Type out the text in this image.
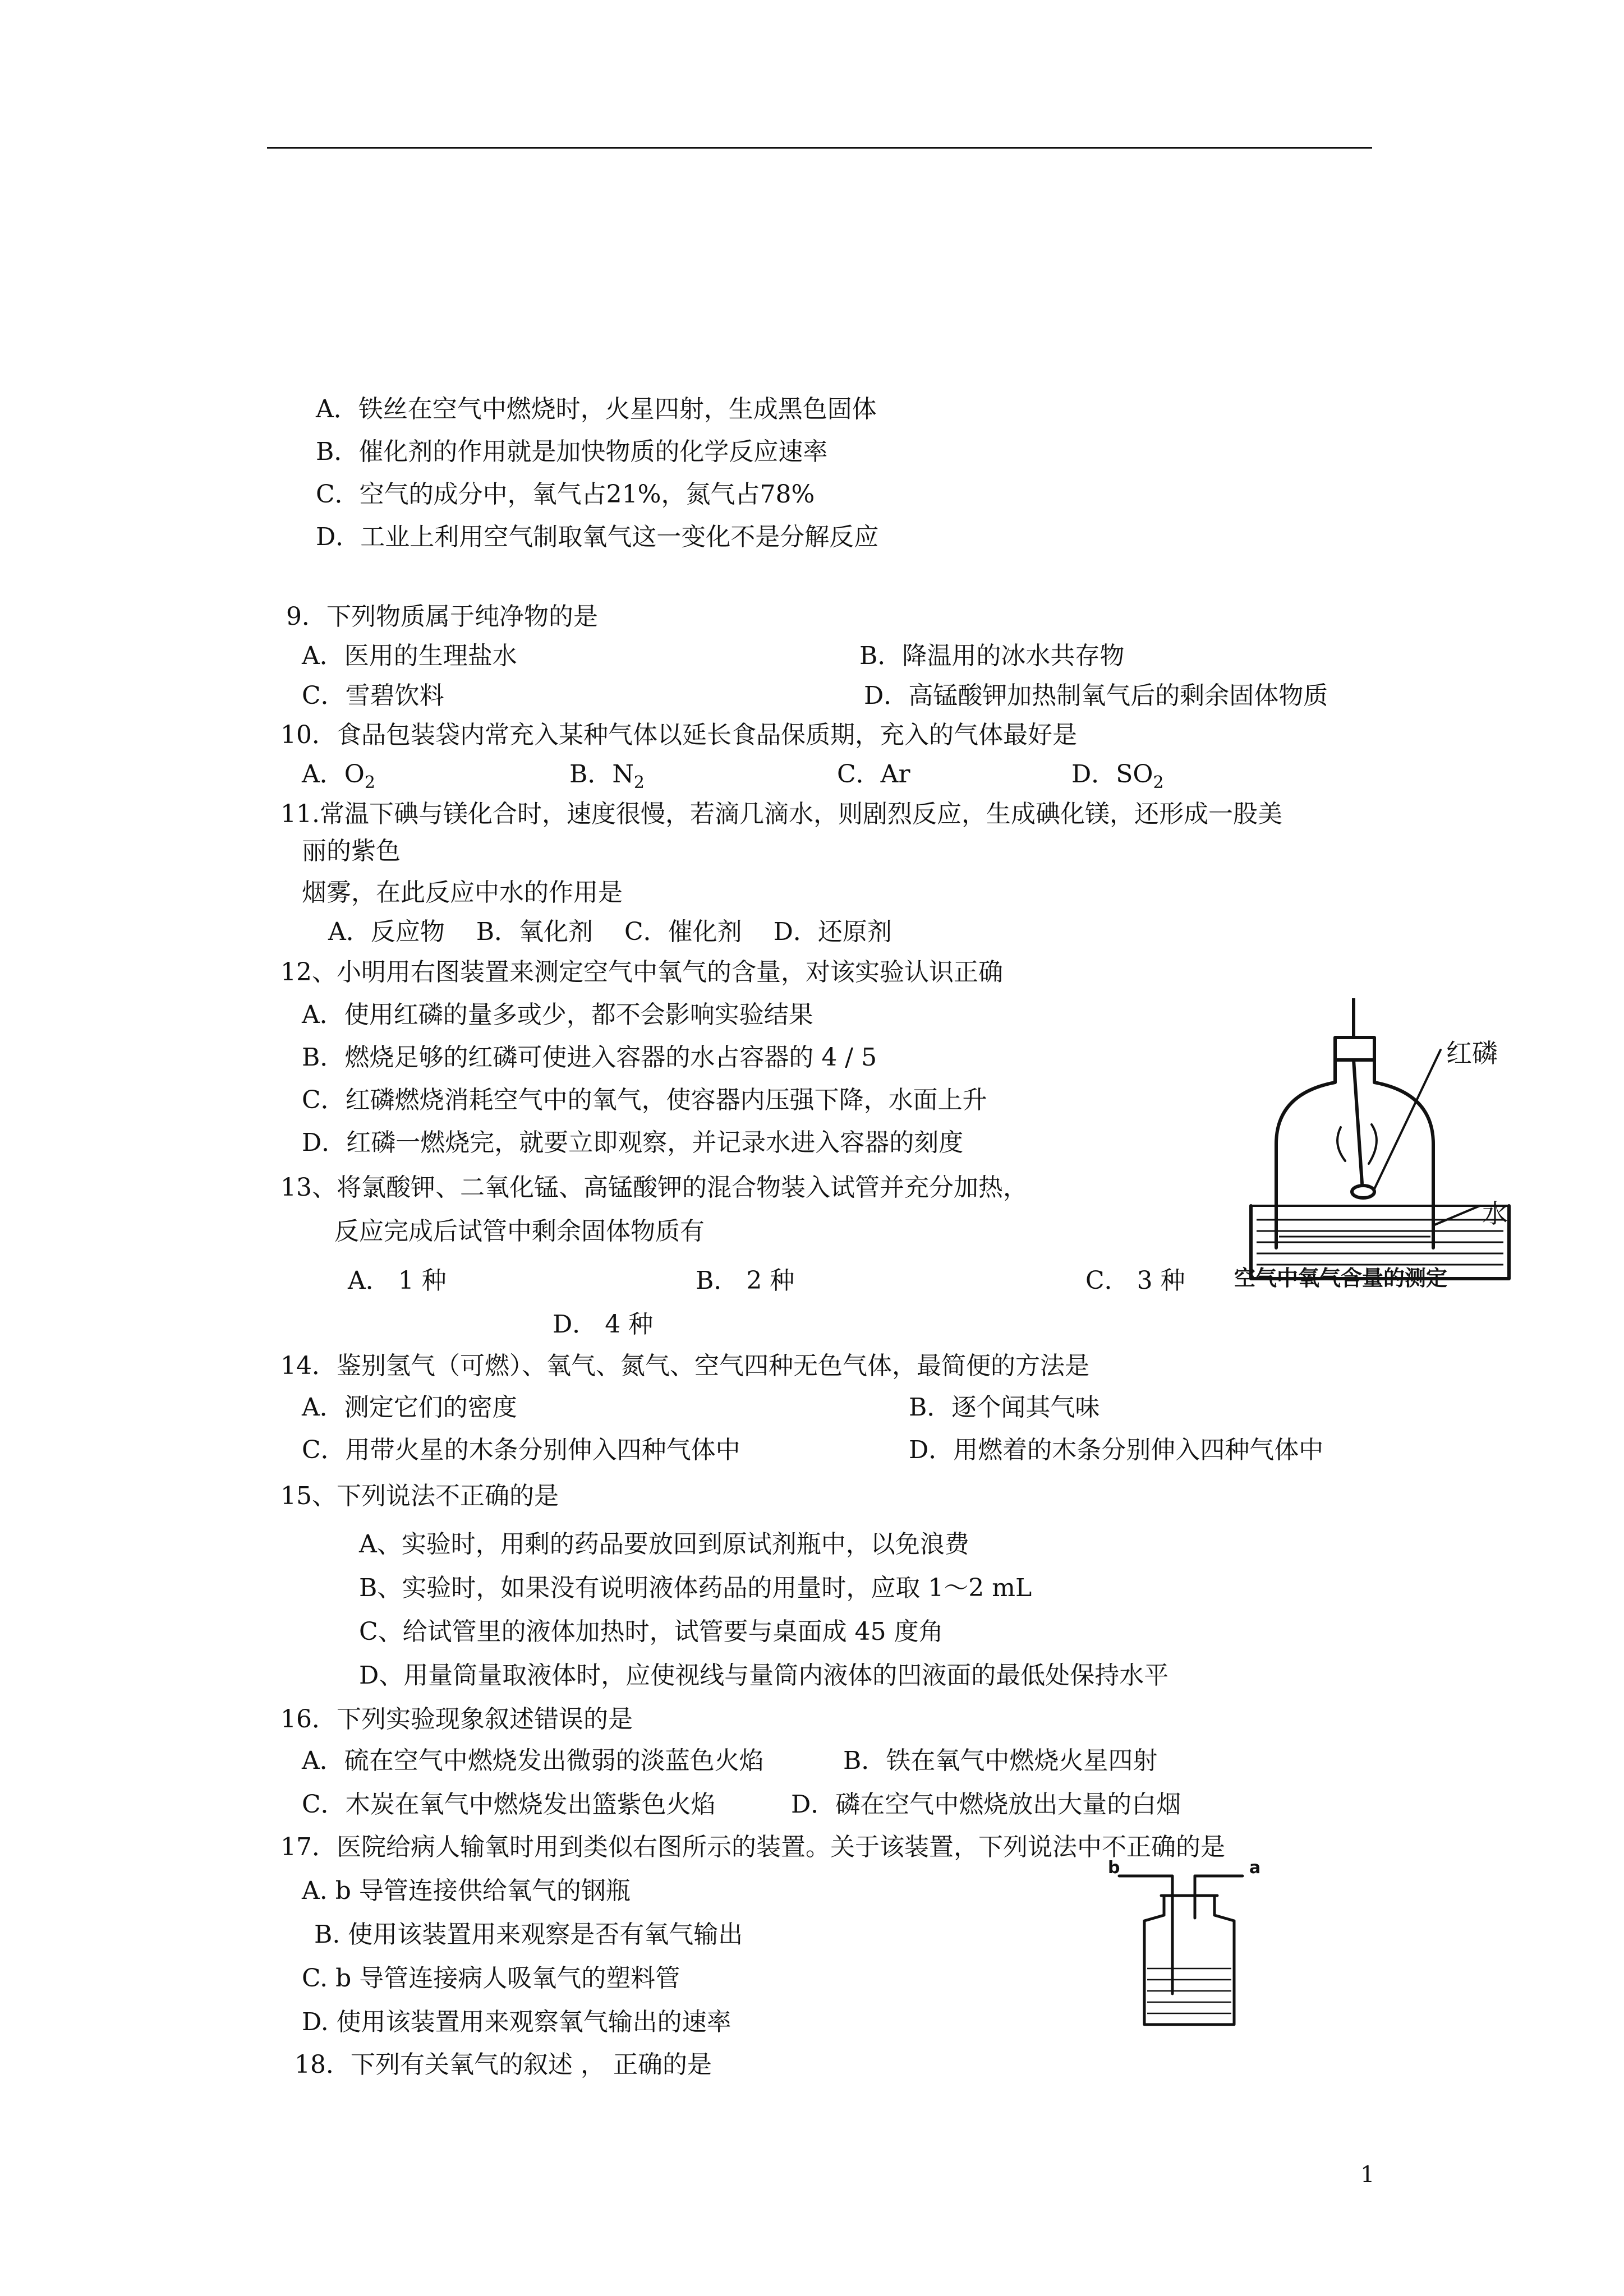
A．铁丝在空气中燃烧时，火星四射，生成黑色固体
B．催化剂的作用就是加快物质的化学反应速率
C．空气的成分中，氧气占21%，氮气占78%
D．工业上利用空气制取氧气这一变化不是分解反应
9．下列物质属于纯净物的是
A．医用的生理盐水	B．降温用的冰水共存物
C．雪碧饮料	D．高锰酸钾加热制氧气后的剩余固体物质
10．食品包装袋内常充入某种气体以延长食品保质期，充入的气体最好是
A．$O_2$	B．$N_2$	C．Ar	D．$SO_2$
11.常温下碘与镁化合时，速度很慢，若滴几滴水，则剧烈反应，生成碘化镁，还形成一股美
丽的紫色
烟雾，在此反应中水的作用是
A．反应物    B．氧化剂    C．催化剂    D．还原剂
12、小明用右图装置来测定空气中氧气的含量，对该实验认识正确
A．使用红磷的量多或少，都不会影响实验结果
B．燃烧足够的红磷可使进入容器的水占容器的 4 / 5
C．红磷燃烧消耗空气中的氧气，使容器内压强下降，水面上升
D．红磷一燃烧完，就要立即观察，并记录水进入容器的刻度
13、将氯酸钾、二氧化锰、高锰酸钾的混合物装入试管并充分加热，
反应完成后试管中剩余固体物质有
A． 1 种	B． 2 种	C． 3 种
D． 4 种
14．鉴别氢气（可燃）、氧气、氮气、空气四种无色气体，最简便的方法是
A．测定它们的密度	B．逐个闻其气味
C．用带火星的木条分别伸入四种气体中	D．用燃着的木条分别伸入四种气体中
15、下列说法不正确的是
A、实验时，用剩的药品要放回到原试剂瓶中，以免浪费
B、实验时，如果没有说明液体药品的用量时，应取 1～2 mL
C、给试管里的液体加热时，试管要与桌面成 45 度角
D、用量筒量取液体时，应使视线与量筒内液体的凹液面的最低处保持水平
16．下列实验现象叙述错误的是
A．硫在空气中燃烧发出微弱的淡蓝色火焰	B．铁在氧气中燃烧火星四射
C．木炭在氧气中燃烧发出篮紫色火焰	D．磷在空气中燃烧放出大量的白烟
17．医院给病人输氧时用到类似右图所示的装置。关于该装置，下列说法中不正确的是
A. b 导管连接供给氧气的钢瓶
B. 使用该装置用来观察是否有氧气输出
C. b 导管连接病人吸氧气的塑料管
D. 使用该装置用来观察氧气输出的速率
18．下列有关氧气的叙述 ， 正确的是
红磷
水
空气中氧气含量的测定
b	a
1
